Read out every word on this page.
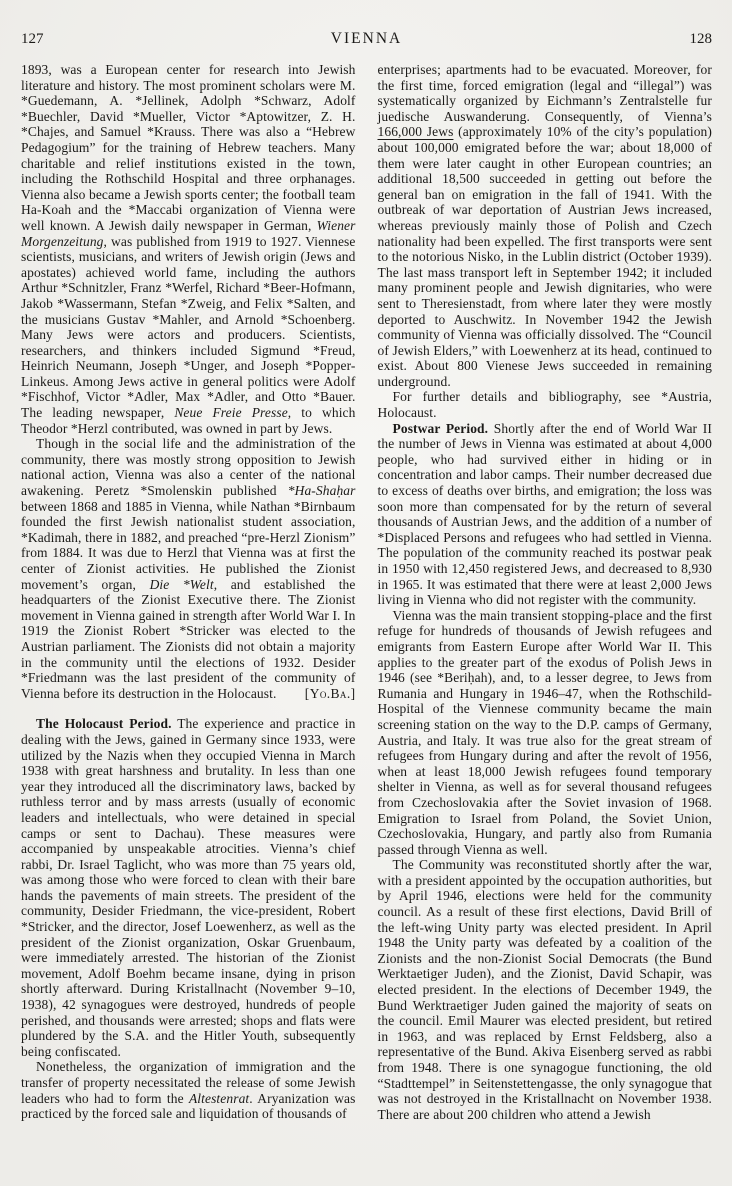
127	VIENNA	128

1893, was a European center for research into Jewish literature and history. The most prominent scholars were M. *Guedemann, A. *Jellinek, Adolph *Schwarz, Adolf *Buechler, David *Mueller, Victor *Aptowitzer, Z. H. *Chajes, and Samuel *Krauss. There was also a “Hebrew Pedagogium” for the training of Hebrew teachers. Many charitable and relief institutions existed in the town, including the Rothschild Hospital and three orphanages. Vienna also became a Jewish sports center; the football team Ha-Koah and the *Maccabi organization of Vienna were well known. A Jewish daily newspaper in German, Wiener Morgenzeitung, was published from 1919 to 1927. Viennese scientists, musicians, and writers of Jewish origin (Jews and apostates) achieved world fame, including the authors Arthur *Schnitzler, Franz *Werfel, Richard *Beer-Hofmann, Jakob *Wassermann, Stefan *Zweig, and Felix *Salten, and the musicians Gustav *Mahler, and Arnold *Schoenberg. Many Jews were actors and producers. Scientists, researchers, and thinkers included Sigmund *Freud, Heinrich Neumann, Joseph *Unger, and Joseph *Popper-Linkeus. Among Jews active in general politics were Adolf *Fischhof, Victor *Adler, Max *Adler, and Otto *Bauer. The leading newspaper, Neue Freie Presse, to which Theodor *Herzl contributed, was owned in part by Jews.

Though in the social life and the administration of the community, there was mostly strong opposition to Jewish national action, Vienna was also a center of the national awakening. Peretz *Smolenskin published *Ha-Shaḥar between 1868 and 1885 in Vienna, while Nathan *Birnbaum founded the first Jewish nationalist student association, *Kadimah, there in 1882, and preached “pre-Herzl Zionism” from 1884. It was due to Herzl that Vienna was at first the center of Zionist activities. He published the Zionist movement’s organ, Die *Welt, and established the headquarters of the Zionist Executive there. The Zionist movement in Vienna gained in strength after World War I. In 1919 the Zionist Robert *Stricker was elected to the Austrian parliament. The Zionists did not obtain a majority in the community until the elections of 1932. Desider *Friedmann was the last president of the community of Vienna before its destruction in the Holocaust.	[Yo.Ba.]

The Holocaust Period. The experience and practice in dealing with the Jews, gained in Germany since 1933, were utilized by the Nazis when they occupied Vienna in March 1938 with great harshness and brutality. In less than one year they introduced all the discriminatory laws, backed by ruthless terror and by mass arrests (usually of economic leaders and intellectuals, who were detained in special camps or sent to Dachau). These measures were accompanied by unspeakable atrocities. Vienna’s chief rabbi, Dr. Israel Taglicht, who was more than 75 years old, was among those who were forced to clean with their bare hands the pavements of main streets. The president of the community, Desider Friedmann, the vice-president, Robert *Stricker, and the director, Josef Loewenherz, as well as the president of the Zionist organization, Oskar Gruenbaum, were immediately arrested. The historian of the Zionist movement, Adolf Boehm became insane, dying in prison shortly afterward. During Kristallnacht (November 9–10, 1938), 42 synagogues were destroyed, hundreds of people perished, and thousands were arrested; shops and flats were plundered by the S.A. and the Hitler Youth, subsequently being confiscated.

Nonetheless, the organization of immigration and the transfer of property necessitated the release of some Jewish leaders who had to form the Altestenrat. Aryanization was practiced by the forced sale and liquidation of thousands of

enterprises; apartments had to be evacuated. Moreover, for the first time, forced emigration (legal and “illegal”) was systematically organized by Eichmann’s Zentralstelle fur juedische Auswanderung. Consequently, of Vienna’s 166,000 Jews (approximately 10% of the city’s population) about 100,000 emigrated before the war; about 18,000 of them were later caught in other European countries; an additional 18,500 succeeded in getting out before the general ban on emigration in the fall of 1941. With the outbreak of war deportation of Austrian Jews increased, whereas previously mainly those of Polish and Czech nationality had been expelled. The first transports were sent to the notorious Nisko, in the Lublin district (October 1939). The last mass transport left in September 1942; it included many prominent people and Jewish dignitaries, who were sent to Theresienstadt, from where later they were mostly deported to Auschwitz. In November 1942 the Jewish community of Vienna was officially dissolved. The “Council of Jewish Elders,” with Loewenherz at its head, continued to exist. About 800 Vienese Jews succeeded in remaining underground.

For further details and bibliography, see *Austria, Holocaust.

Postwar Period. Shortly after the end of World War II the number of Jews in Vienna was estimated at about 4,000 people, who had survived either in hiding or in concentration and labor camps. Their number decreased due to excess of deaths over births, and emigration; the loss was soon more than compensated for by the return of several thousands of Austrian Jews, and the addition of a number of *Displaced Persons and refugees who had settled in Vienna. The population of the community reached its postwar peak in 1950 with 12,450 registered Jews, and decreased to 8,930 in 1965. It was estimated that there were at least 2,000 Jews living in Vienna who did not register with the community.

Vienna was the main transient stopping-place and the first refuge for hundreds of thousands of Jewish refugees and emigrants from Eastern Europe after World War II. This applies to the greater part of the exodus of Polish Jews in 1946 (see *Beriḥah), and, to a lesser degree, to Jews from Rumania and Hungary in 1946–47, when the Rothschild-Hospital of the Viennese community became the main screening station on the way to the D.P. camps of Germany, Austria, and Italy. It was true also for the great stream of refugees from Hungary during and after the revolt of 1956, when at least 18,000 Jewish refugees found temporary shelter in Vienna, as well as for several thousand refugees from Czechoslovakia after the Soviet invasion of 1968. Emigration to Israel from Poland, the Soviet Union, Czechoslovakia, Hungary, and partly also from Rumania passed through Vienna as well.

The Community was reconstituted shortly after the war, with a president appointed by the occupation authorities, but by April 1946, elections were held for the community council. As a result of these first elections, David Brill of the left-wing Unity party was elected president. In April 1948 the Unity party was defeated by a coalition of the Zionists and the non-Zionist Social Democrats (the Bund Werktaetiger Juden), and the Zionist, David Schapir, was elected president. In the elections of December 1949, the Bund Werktraetiger Juden gained the majority of seats on the council. Emil Maurer was elected president, but retired in 1963, and was replaced by Ernst Feldsberg, also a representative of the Bund. Akiva Eisenberg served as rabbi from 1948. There is one synagogue functioning, the old “Stadttempel” in Seitenstettengasse, the only synagogue that was not destroyed in the Kristallnacht on November 1938. There are about 200 children who attend a Jewish
